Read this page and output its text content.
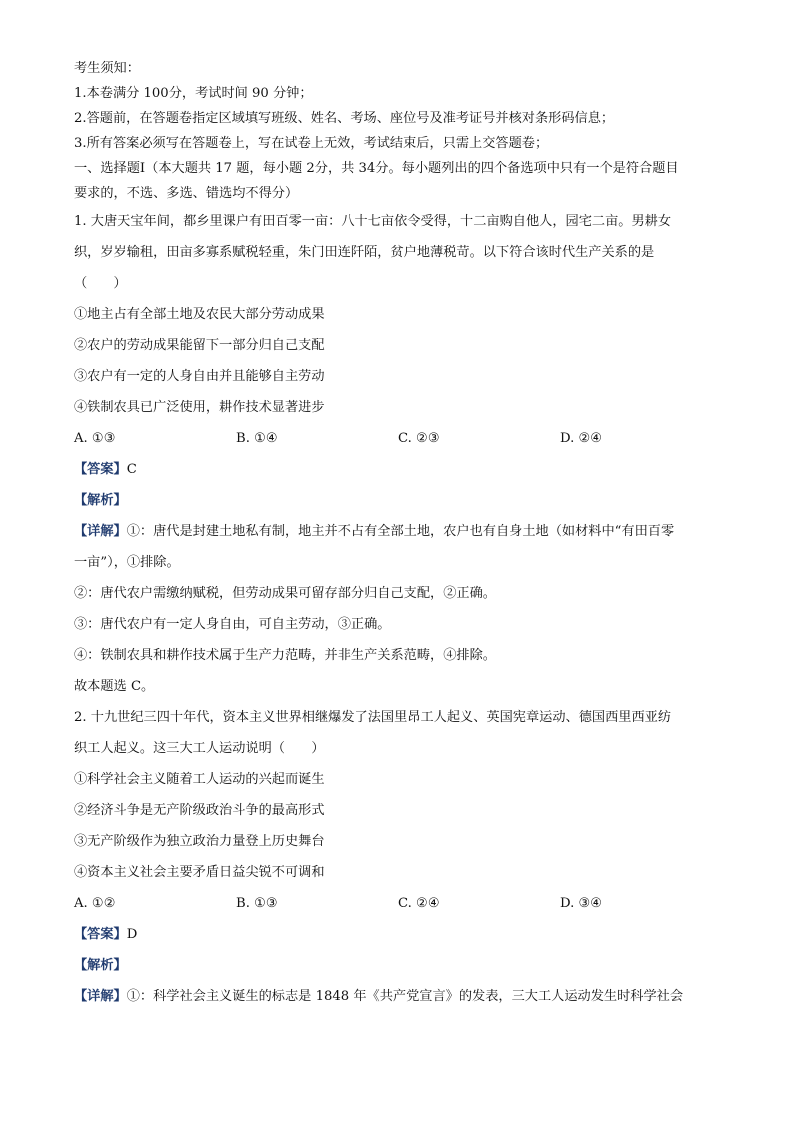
考生须知：
1.本卷满分 100分，考试时间 90 分钟；
2.答题前，在答题卷指定区域填写班级、姓名、考场、座位号及准考证号并核对条形码信息；
3.所有答案必须写在答题卷上，写在试卷上无效，考试结束后，只需上交答题卷；
一、选择题Ⅰ（本大题共 17 题，每小题 2分，共 34分。每小题列出的四个备选项中只有一个是符合题目
要求的，不选、多选、错选均不得分）
1. 大唐天宝年间，都乡里课户有田百零一亩：八十七亩依令受得，十二亩购自他人，园宅二亩。男耕女
织，岁岁输租，田亩多寡系赋税轻重，朱门田连阡陌，贫户地薄税苛。以下符合该时代生产关系的是
（　　）
①地主占有全部土地及农民大部分劳动成果
②农户的劳动成果能留下一部分归自己支配
③农户有一定的人身自由并且能够自主劳动
④铁制农具已广泛使用，耕作技术显著进步
A. ①③	B. ①④	C. ②③	D. ②④
【答案】C
【解析】
【详解】①：唐代是封建土地私有制，地主并不占有全部土地，农户也有自身土地（如材料中“有田百零
一亩”），①排除。
②：唐代农户需缴纳赋税，但劳动成果可留存部分归自己支配，②正确。
③：唐代农户有一定人身自由，可自主劳动，③正确。
④：铁制农具和耕作技术属于生产力范畴，并非生产关系范畴，④排除。
故本题选 C。
2. 十九世纪三四十年代，资本主义世界相继爆发了法国里昂工人起义、英国宪章运动、德国西里西亚纺
织工人起义。这三大工人运动说明（　　）
①科学社会主义随着工人运动的兴起而诞生
②经济斗争是无产阶级政治斗争的最高形式
③无产阶级作为独立政治力量登上历史舞台
④资本主义社会主要矛盾日益尖锐不可调和
A. ①②	B. ①③	C. ②④	D. ③④
【答案】D
【解析】
【详解】①：科学社会主义诞生的标志是 1848 年《共产党宣言》的发表，三大工人运动发生时科学社会
